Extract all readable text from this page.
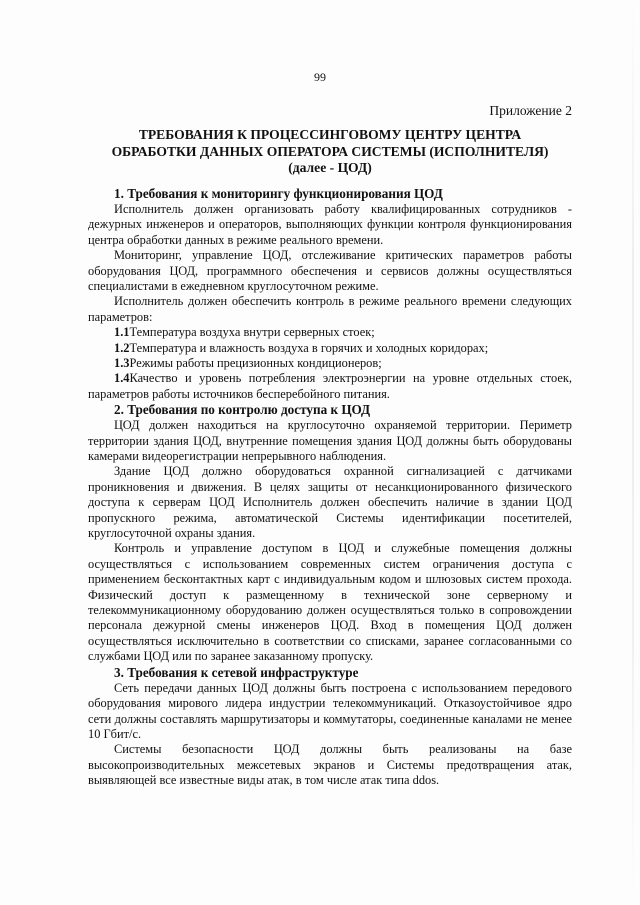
99
Приложение 2
ТРЕБОВАНИЯ К ПРОЦЕССИНГОВОМУ ЦЕНТРУ ЦЕНТРА
ОБРАБОТКИ ДАННЫХ ОПЕРАТОРА СИСТЕМЫ (ИСПОЛНИТЕЛЯ)
(далее - ЦОД)
1. Требования к мониторингу функционирования ЦОД

Исполнитель должен организовать работу квалифицированных сотрудников - дежурных инженеров и операторов, выполняющих функции контроля функционирования центра обработки данных в режиме реального времени.

Мониторинг, управление ЦОД, отслеживание критических параметров работы оборудования ЦОД, программного обеспечения и сервисов должны осуществляться специалистами в ежедневном круглосуточном режиме.

Исполнитель должен обеспечить контроль в режиме реального времени следующих параметров:

1.1Температура воздуха внутри серверных стоек;
1.2Температура и влажность воздуха в горячих и холодных коридорах;
1.3Режимы работы прецизионных кондиционеров;
1.4Качество и уровень потребления электроэнергии на уровне отдельных стоек, параметров работы источников бесперебойного питания.
2. Требования по контролю доступа к ЦОД

ЦОД должен находиться на круглосуточно охраняемой территории. Периметр территории здания ЦОД, внутренние помещения здания ЦОД должны быть оборудованы камерами видеорегистрации непрерывного наблюдения.

Здание ЦОД должно оборудоваться охранной сигнализацией с датчиками проникновения и движения. В целях защиты от несанкционированного физического доступа к серверам ЦОД Исполнитель должен обеспечить наличие в здании ЦОД пропускного режима, автоматической Системы идентификации посетителей, круглосуточной охраны здания.

Контроль и управление доступом в ЦОД и служебные помещения должны осуществляться с использованием современных систем ограничения доступа с применением бесконтактных карт с индивидуальным кодом и шлюзовых систем прохода. Физический доступ к размещенному в технической зоне серверному и телекоммуникационному оборудованию должен осуществляться только в сопровождении персонала дежурной смены инженеров ЦОД. Вход в помещения ЦОД должен осуществляться исключительно в соответствии со списками, заранее согласованными со службами ЦОД или по заранее заказанному пропуску.

3. Требования к сетевой инфраструктуре

Сеть передачи данных ЦОД должны быть построена с использованием передового оборудования мирового лидера индустрии телекоммуникаций. Отказоустойчивое ядро сети должны составлять маршрутизаторы и коммутаторы, соединенные каналами не менее 10 Гбит/с.

Системы безопасности ЦОД должны быть реализованы на базе высокопроизводительных межсетевых экранов и Системы предотвращения атак, выявляющей все известные виды атак, в том числе атак типа ddos.
